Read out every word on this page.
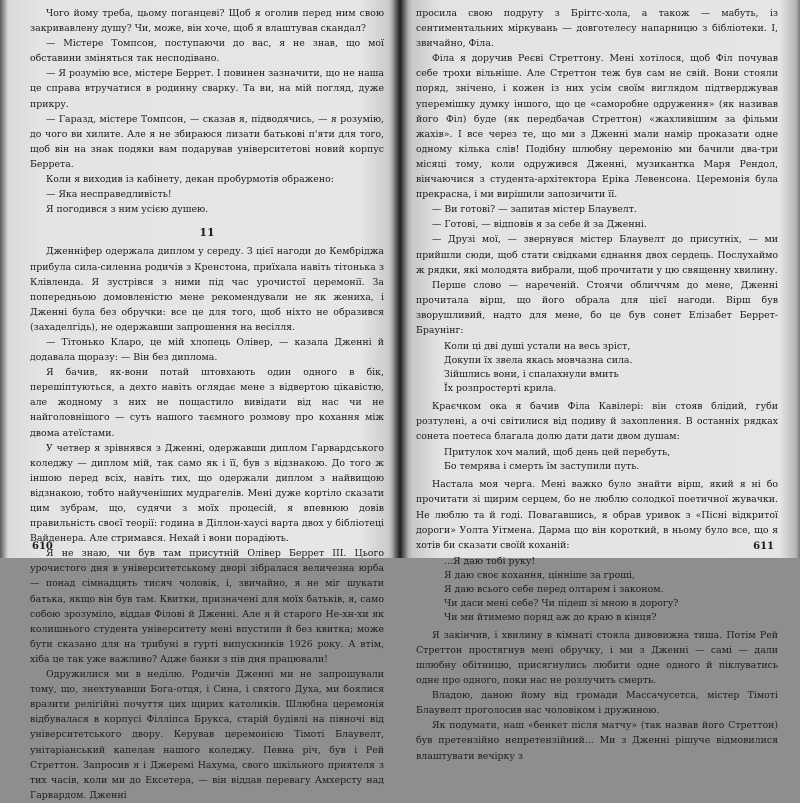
Чого йому треба, цьому поганцеві? Щоб я оголив перед ним свою закривавлену душу? Чи, може, він хоче, щоб я влаштував скандал?

— Містере Томпсон, поступаючи до вас, я не знав, що мої обставини змінятьcя так несподівано.

— Я розумію все, містере Беррет. І повинен зазначити, що не наша це справа втручатися в родинну сварку. Та ви, на мій погляд, дуже прикру.

— Гаразд, містере Томпсон, — сказав я, підводячись, — я розумію, до чого ви хилите. Але я не збираюся лизати батькові п'яти для того, щоб він на знак подяки вам подарував університетові новий корпус Беррета.

Коли я виходив із кабінету, декан пробурмотів ображено:

— Яка несправедливість!

Я погодився з ним усією душею.

11

Дженніфер одержала диплом у середу. З цієї нагоди до Кембріджа прибула сила-силенна родичів з Кренстона, приїхала навіть тітонька з Клівленда. Я зустрівся з ними під час урочистої церемонії. За попередньою домовленістю мене рекомендували не як жениха, і Дженні була без обручки: все це для того, щоб ніхто не образився (захаделгідь), не одержавши запрошення на весілля.

— Тітонько Кларо, це мій хлопець Олівер, — казала Дженні й додавала щоразу: — Він без диплома.

Я бачив, як-вони потай штовхають один одного в бік, перешіптуються, а дехто навіть оглядає мене з відвертою цікавістю, але жодному з них не пощастило вивідати від нас чи не найголовнішого — суть нашого таємного розмову про кохання між двома атеїстами.

У четвер я зрівнявся з Дженні, одержавши диплом Гарвардського коледжу — диплом мій, так само як і її, був з відзнакою. До того ж іншою перед всіх, навіть тих, що одержали диплом з найвищою відзнакою, тобто найученіших мудрагелів. Мені дуже кортіло сказати цим зубрам, що, судячи з моїх процесій, я впевнюю довів правильність своєї теорії: година в Діллон-хаусі варта двох у бібліотеці Вайденера. Але стримався. Нехай і вони порадіють.

Я не знаю, чи був там присутній Олівер Беррет III. Цього урочистого дня в університетському дворі зібралася величезна юрба — понад сімнадцять тисяч чоловік, і, звичайно, я не міг шукати батька, якщо він був там. Квитки, призначені для моїх батьків, я, само собою зрозуміло, віддав Філові й Дженні. Але я й старого Не-хн-хи як колишнього студента університету мені впустили й без квитка; може бути сказано для на трибуні в гурті випускників 1926 року. А втім, хіба це так уже важливо? Адже банки з пів дня працювали!

Одружилися ми в неділю. Родичів Дженні ми не запрошували тому, що, знехтувавши Бога-отця, і Сина, і святого Духа, ми боялися вразити релігійні почуття цих щирих католиків. Шлюбна церемонія відбувалася в корпусі Філліпса Брукса, старій будівлі на півночі від університетського двору. Керував церемонією Тімоті Блаувелт, унітаріанський капелан нашого коледжу. Певна річ, був і Рей Стреттон. Запросив я і Джеремі Нахума, свого шкільного приятеля з тих часів, коли ми до Ексетера, — він віддав перевагу Амхерсту над Гарвардом. Дженні

610

просила свою подругу з Бріггс-хола, а також — мабуть, із сентиментальних міркувань — довготелесу напарницю з бібліотеки. І, звичайно, Філа.

Філа я доручив Реєві Стреттону. Мені хотілося, щоб Філ почував себе трохи вільніше. Але Стреттон теж був сам не свій. Вони стояли поряд, знічено, і кожен із них усім своїм виглядом підтверджував уперемішку думку іншого, що це «саморобне одруження» (як називав його Філ) буде (як передбачав Стреттон) «жахливішим за фільми жахів». І все через те, що ми з Дженні мали намір проказати одне одному кілька слів! Подібну шлюбну церемонію ми бачили два-три місяці тому, коли одружився Дженні, музикантка Маря Рендол, вінчаючися з студента-архітектора Еріка Левенсона. Церемонія була прекрасна, і ми вирішили запозичити її.

— Ви готові? — запитав містер Блаувелт.

— Готові, — відповів я за себе й за Дженні.

— Друзі мої, — звернувся містер Блаувелт до присутніх, — ми прийшли сюди, щоб стати свідками єднання двох сердець. Послухаймо ж рядки, які молодята вибрали, щоб прочитати у цю священну хвилину.

Перше слово — нареченій. Стоячи обличчям до мене, Дженні прочитала вірш, що його обрала для цієї нагоди. Вірш був зворушливий, надто для мене, бо це був сонет Елізабет Беррет-Браунінг:

Коли ці дві душі устали на весь зріст,
Докупи їх звела якась мовчазна сила.
Зійшлись вони, і спалахнули вмить
Їх розпростерті крила.

Краєчком ока я бачив Філа Кавілері: він стояв блідий, губи розтулені, а очі світилися від подиву й захоплення. В останніх рядках сонета поетеса благала долю дати дати двом душам:

Притулок хоч малий, щоб день цей перебуть,
Бо темрява і смерть їм заступили путь.

Настала моя черга. Мені важко було знайти вірш, який я ні бо прочитати зі щирим серцем, бо не люблю солодкої поетичної жувачки. Не люблю та й годі. Повагавшись, я обрав уривок з «Пісні відкритої дороги» Уолта Уітмена. Дарма що він короткий, в ньому було все, що я хотів би сказати своїй коханій:

...Я даю тобі руку!
Я даю своє кохання, цінніше за гроші,
Я даю всього себе перед олтарем і законом.
Чи даси мені себе? Чи підеш зі мною в дорогу?
Чи ми йтимемо поряд аж до краю в кінця?

Я закінчив, і хвилину в кімнаті стояла дивовижна тиша. Потім Рей Стреттон простягнув мені обручку, і ми з Дженні — самі — дали шлюбну обітницю, присягнулись любити одне одного й піклуватись одне про одного, поки нас не розлучить смерть.

Владою, даною йому від громади Массачусетса, містер Тімоті Блаувелт проголосив нас чоловіком і дружиною.

Як подумати, наш «бенкет після матчу» (так назвав його Стреттон) був претензійно непретензійний... Ми з Дженні рішуче відмовилися влаштувати вечірку з

611
